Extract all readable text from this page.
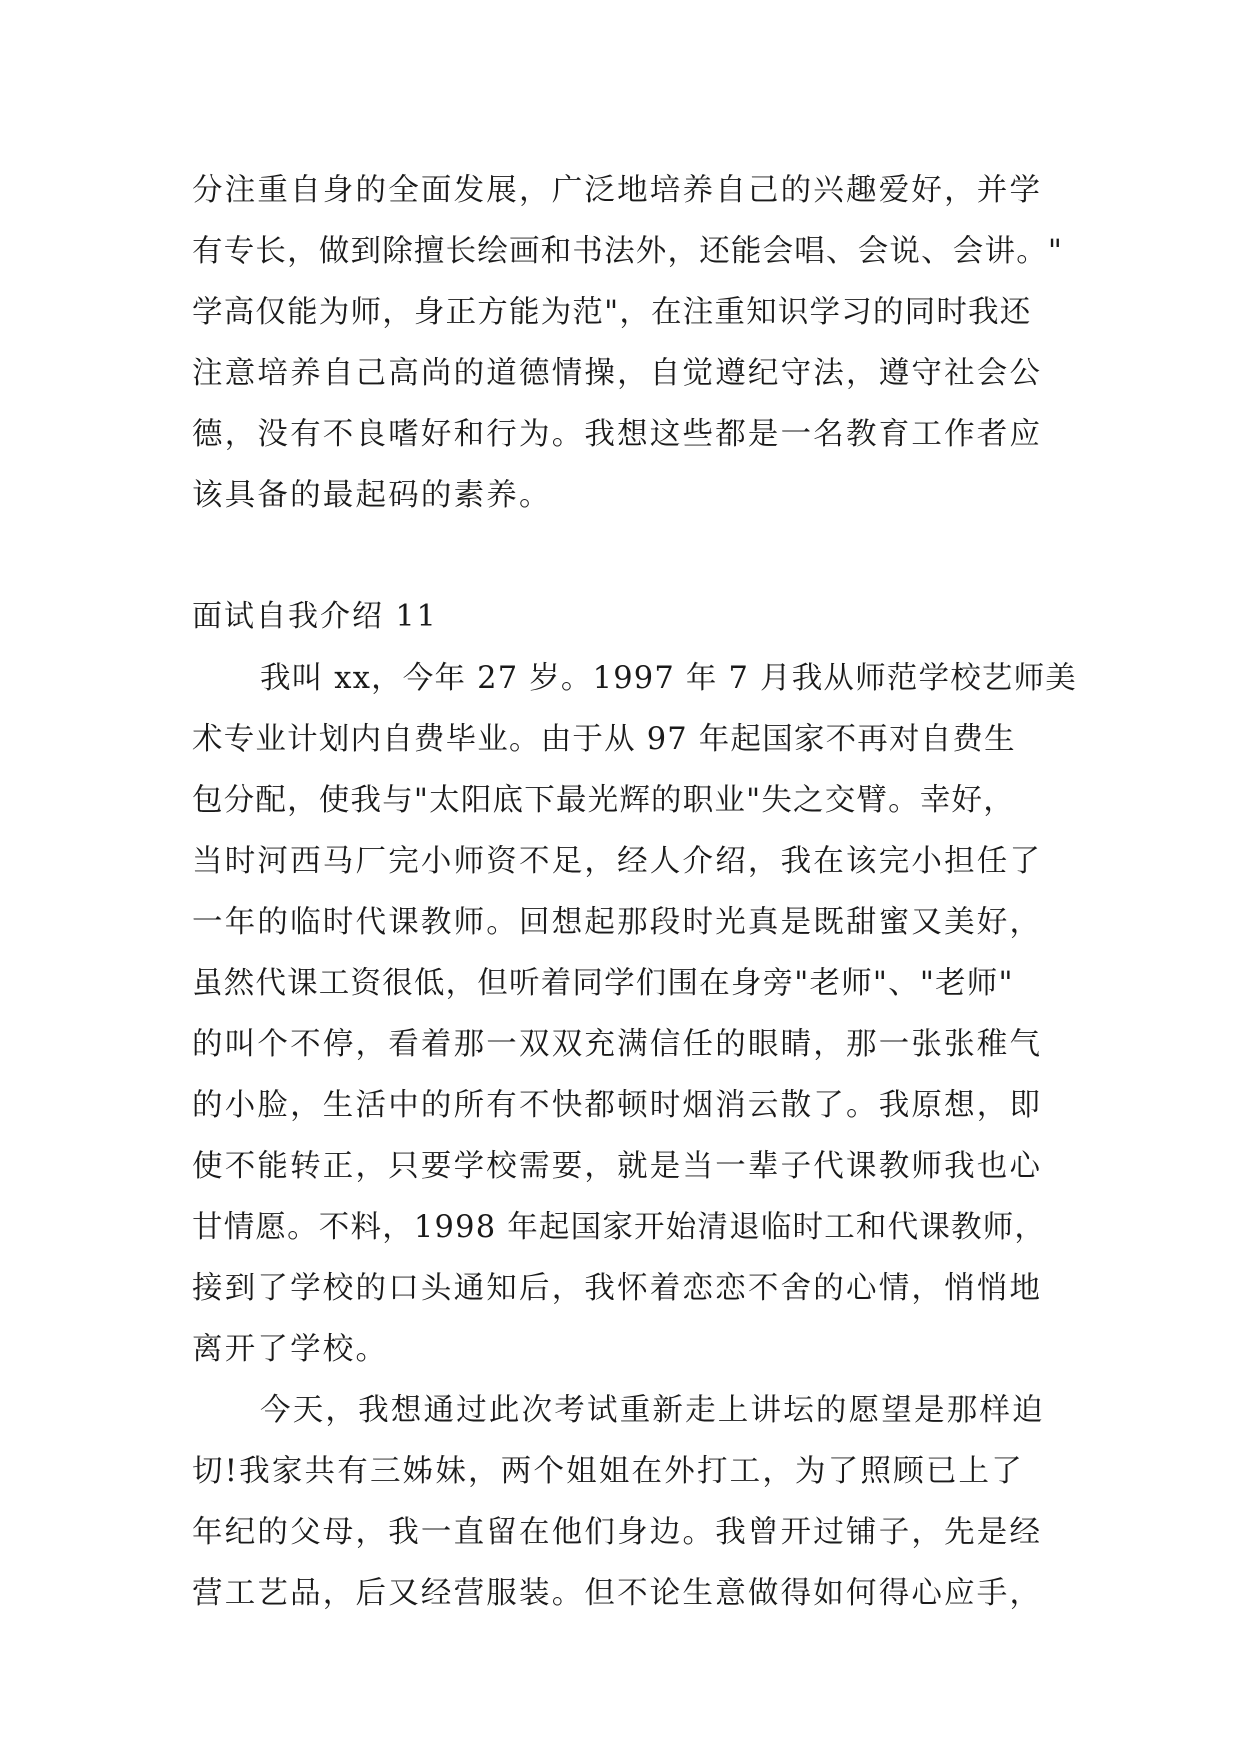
分注重自身的全面发展，广泛地培养自己的兴趣爱好，并学
有专长，做到除擅长绘画和书法外，还能会唱、会说、会讲。"
学高仅能为师，身正方能为范"，在注重知识学习的同时我还
注意培养自己高尚的道德情操，自觉遵纪守法，遵守社会公
德，没有不良嗜好和行为。我想这些都是一名教育工作者应
该具备的最起码的素养。
面试自我介绍 11
我叫 xx，今年 27 岁。1997 年 7 月我从师范学校艺师美
术专业计划内自费毕业。由于从 97 年起国家不再对自费生
包分配，使我与"太阳底下最光辉的职业"失之交臂。幸好，
当时河西马厂完小师资不足，经人介绍，我在该完小担任了
一年的临时代课教师。回想起那段时光真是既甜蜜又美好，
虽然代课工资很低，但听着同学们围在身旁"老师"、"老师"
的叫个不停，看着那一双双充满信任的眼睛，那一张张稚气
的小脸，生活中的所有不快都顿时烟消云散了。我原想，即
使不能转正，只要学校需要，就是当一辈子代课教师我也心
甘情愿。不料，1998 年起国家开始清退临时工和代课教师，
接到了学校的口头通知后，我怀着恋恋不舍的心情，悄悄地
离开了学校。
今天，我想通过此次考试重新走上讲坛的愿望是那样迫
切!我家共有三姊妹，两个姐姐在外打工，为了照顾已上了
年纪的父母，我一直留在他们身边。我曾开过铺子，先是经
营工艺品，后又经营服装。但不论生意做得如何得心应手，
